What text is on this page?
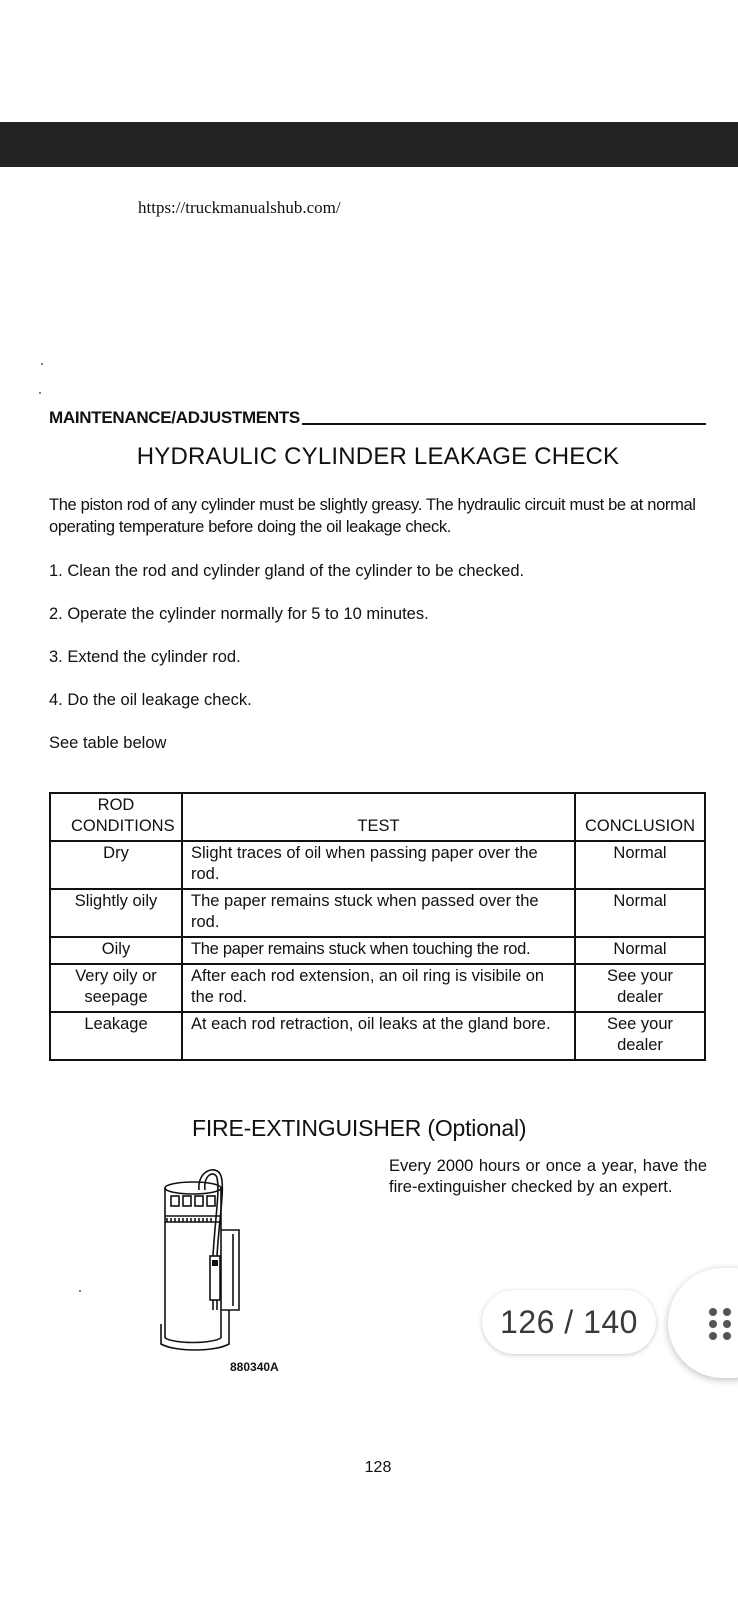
https://truckmanualshub.com/
MAINTENANCE/ADJUSTMENTS
HYDRAULIC CYLINDER LEAKAGE CHECK
The piston rod of any cylinder must be slightly greasy. The hydraulic circuit must be at normal operating temperature before doing the oil leakage check.
1. Clean the rod and cylinder gland of the cylinder to be checked.
2. Operate the cylinder normally for 5 to 10 minutes.
3. Extend the cylinder rod.
4. Do the oil leakage check.
See table below
ROD CONDITIONS	TEST	CONCLUSION
Dry	Slight traces of oil when passing paper over the rod.	Normal
Slightly oily	The paper remains stuck when passed over the rod.	Normal
Oily	The paper remains stuck when touching the rod.	Normal
Very oily or seepage	After each rod extension, an oil ring is visibile on the rod.	See your dealer
Leakage	At each rod retraction, oil leaks at the gland bore.	See your dealer
FIRE-EXTINGUISHER (Optional)
Every 2000 hours or once a year, have the fire-extinguisher checked by an expert.
880340A
128
126 / 140
